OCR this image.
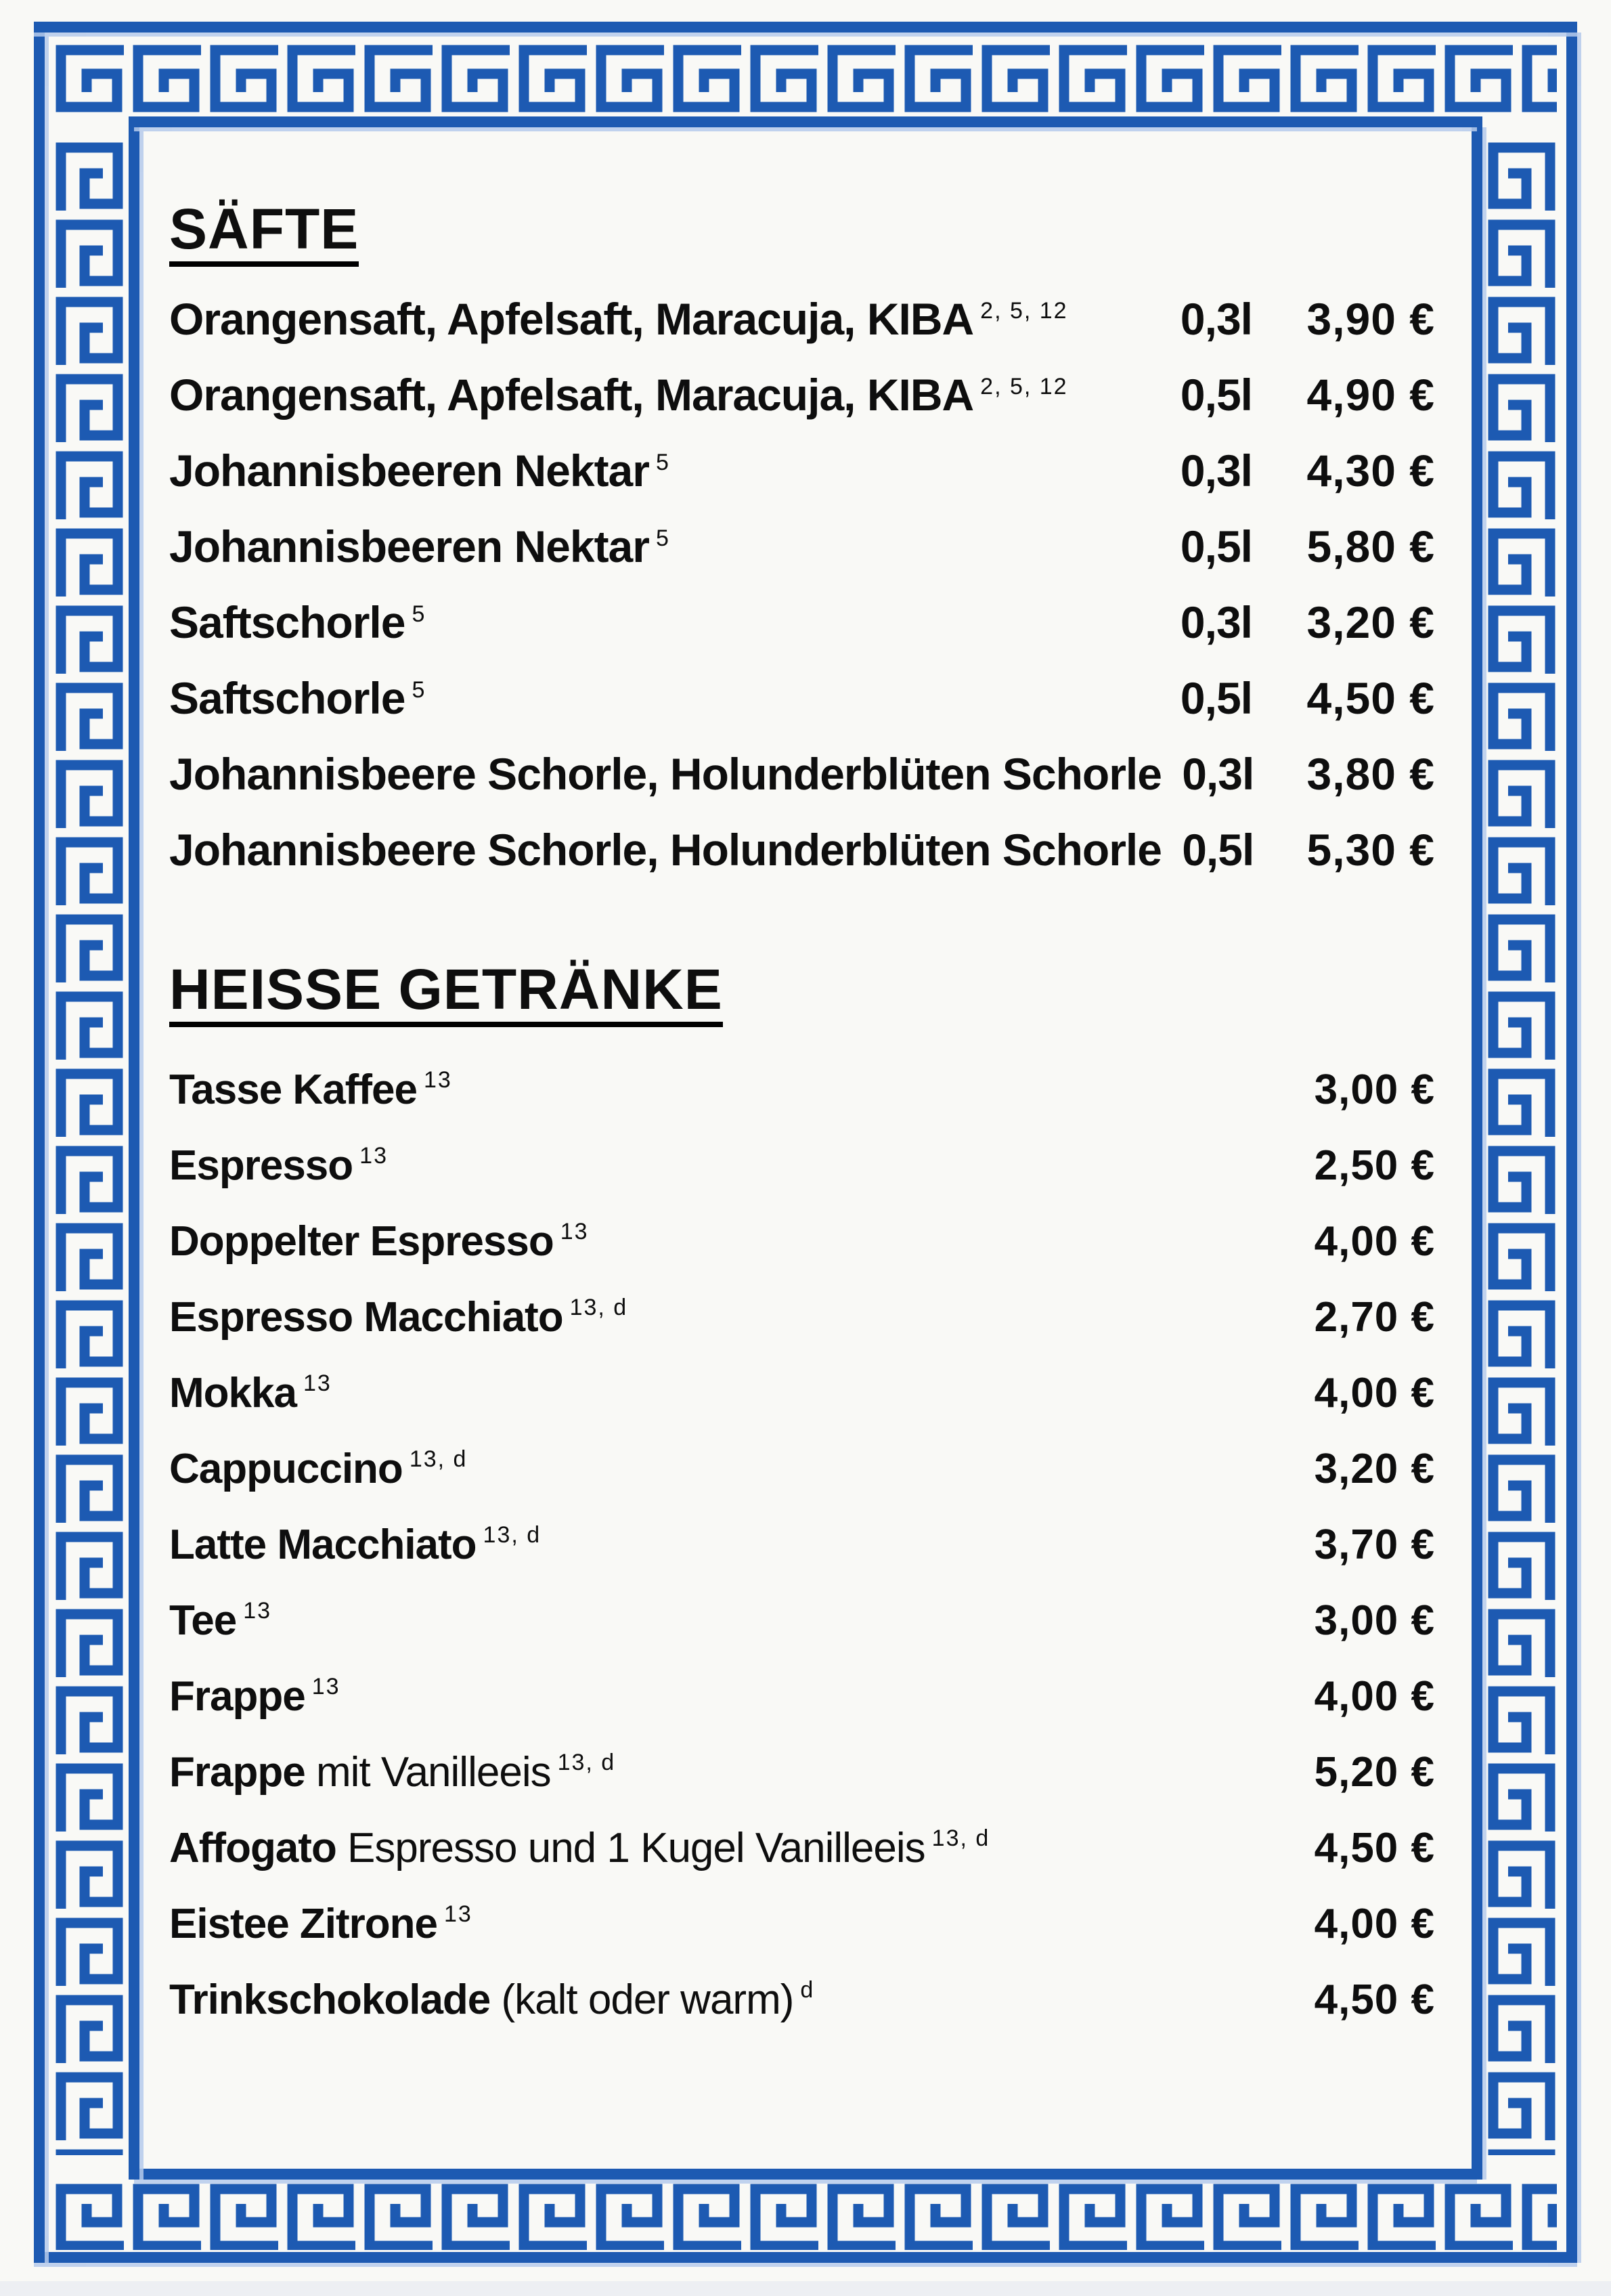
SÄFTE
Orangensaft, Apfelsaft, Maracuja, KIBA $^{2, 5, 12}$	0,3l	3,90 €
Orangensaft, Apfelsaft, Maracuja, KIBA $^{2, 5, 12}$	0,5l	4,90 €
Johannisbeeren Nektar $^5$	0,3l	4,30 €
Johannisbeeren Nektar $^5$	0,5l	5,80 €
Saftschorle $^5$	0,3l	3,20 €
Saftschorle $^5$	0,5l	4,50 €
Johannisbeere Schorle, Holunderblüten Schorle 0,3l	3,80 €
Johannisbeere Schorle, Holunderblüten Schorle 0,5l	5,30 €
HEISSE GETRÄNKE
Tasse Kaffee $^{13}$	3,00 €
Espresso $^{13}$	2,50 €
Doppelter Espresso $^{13}$	4,00 €
Espresso Macchiato $^{13, d}$	2,70 €
Mokka $^{13}$	4,00 €
Cappuccino $^{13, d}$	3,20 €
Latte Macchiato $^{13, d}$	3,70 €
Tee $^{13}$	3,00 €
Frappe $^{13}$	4,00 €
Frappe mit Vanilleeis $^{13, d}$	5,20 €
Affogato Espresso und 1 Kugel Vanilleeis $^{13, d}$	4,50 €
Eistee Zitrone $^{13}$	4,00 €
Trinkschokolade (kalt oder warm) $^d$	4,50 €
